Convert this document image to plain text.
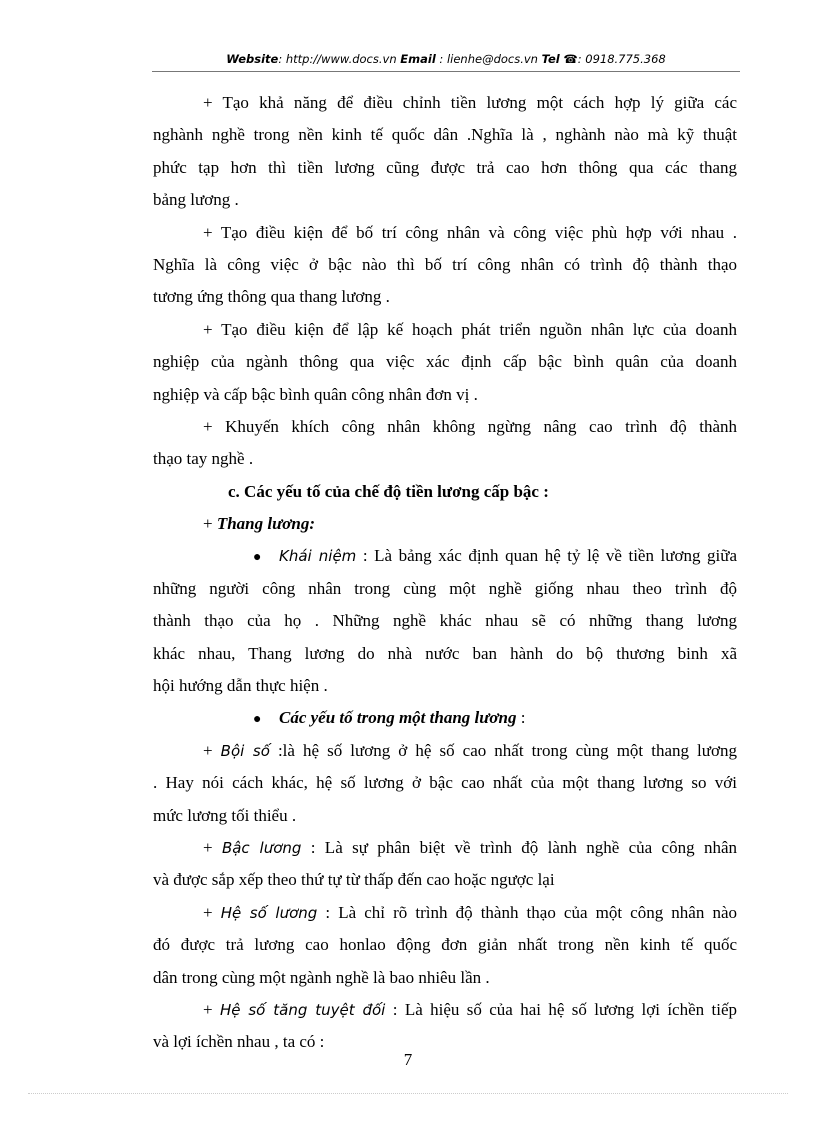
Website: http://www.docs.vn Email : lienhe@docs.vn Tel ☎: 0918.775.368
+ Tạo khả năng để điều chỉnh tiền lương một cách hợp lý giữa các
nghành nghề trong nền kinh tế quốc dân .Nghĩa là , nghành nào mà kỹ thuật
phức tạp hơn thì tiền lương cũng được trả cao hơn thông qua các thang
bảng lương .
+ Tạo điều kiện để bố trí công nhân và công việc phù hợp với nhau .
Nghĩa là công việc ở bậc nào thì bố trí công nhân có trình độ thành thạo
tương ứng thông qua thang lương .
+ Tạo điều kiện để lập kế hoạch phát triển nguồn nhân lực của doanh
nghiệp của ngành thông qua việc xác định cấp bậc bình quân của doanh
nghiệp và cấp bậc bình quân công nhân đơn vị .
+ Khuyến khích công nhân không ngừng nâng cao trình độ thành
thạo tay nghề .
c. Các yếu tố của chế độ tiền lương cấp bậc :
+ Thang lương:
● Khái niệm : Là bảng xác định quan hệ tỷ lệ về tiền lương giữa
những người công nhân trong cùng một nghề giống nhau theo trình độ
thành thạo của họ . Những nghề khác nhau sẽ có những thang lương
khác nhau, Thang lương do nhà nước ban hành do bộ thương binh xã
hội hướng dẫn thực hiện .
● Các yếu tố trong một thang lương :
+ Bội số :là hệ số lương ở hệ số cao nhất trong cùng một thang lương
. Hay nói cách khác, hệ số lương ở bậc cao nhất của một thang lương so với
mức lương tối thiểu .
+ Bậc lương : Là sự phân biệt về trình độ lành nghề của công nhân
và được sắp xếp theo thứ tự từ thấp đến cao hoặc ngược lại
+ Hệ số lương : Là chỉ rõ trình độ thành thạo của một công nhân nào
đó được trả lương cao honlao động đơn giản nhất trong nền kinh tế quốc
dân trong cùng một ngành nghề là bao nhiêu lần .
+ Hệ số tăng tuyệt đối : Là hiệu số của hai hệ số lương lợi íchền tiếp
và lợi íchền nhau , ta có :
7
